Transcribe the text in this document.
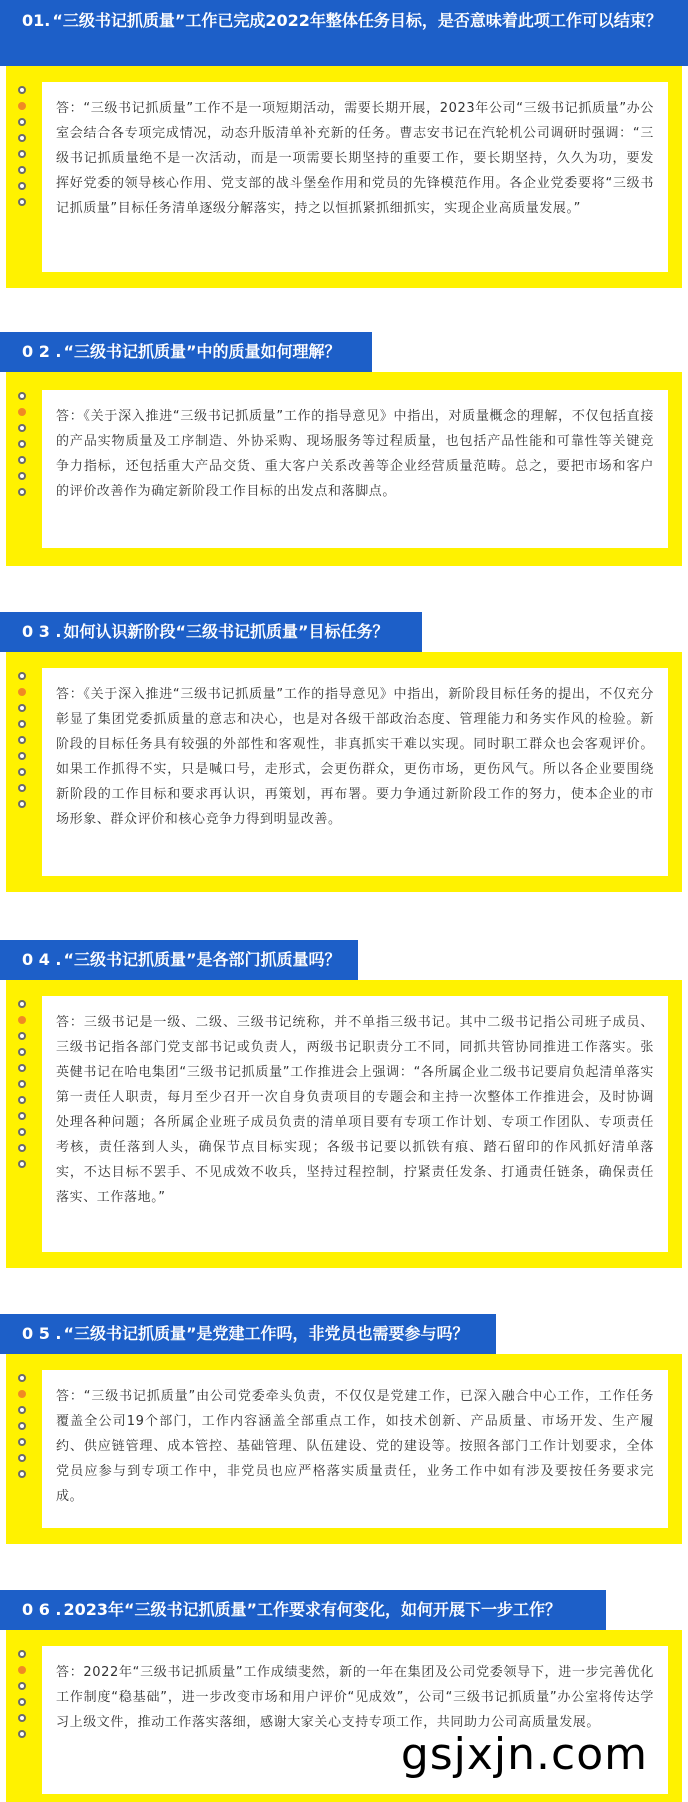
01. “三级书记抓质量”工作已完成2022年整体任务目标，是否意味着此项工作可以结束？
答：“三级书记抓质量”工作不是一项短期活动，需要长期开展，2023年公司“三级书记抓质量”办公室会结合各专项完成情况，动态升版清单补充新的任务。曹志安书记在汽轮机公司调研时强调：“三级书记抓质量绝不是一次活动，而是一项需要长期坚持的重要工作，要长期坚持，久久为功，要发挥好党委的领导核心作用、党支部的战斗堡垒作用和党员的先锋模范作用。各企业党委要将“三级书记抓质量”目标任务清单逐级分解落实，持之以恒抓紧抓细抓实，实现企业高质量发展。”
0 2 . “三级书记抓质量”中的质量如何理解？
答：《关于深入推进“三级书记抓质量”工作的指导意见》中指出，对质量概念的理解，不仅包括直接的产品实物质量及工序制造、外协采购、现场服务等过程质量，也包括产品性能和可靠性等关键竞争力指标，还包括重大产品交货、重大客户关系改善等企业经营质量范畴。总之，要把市场和客户的评价改善作为确定新阶段工作目标的出发点和落脚点。
0 3 . 如何认识新阶段“三级书记抓质量”目标任务？
答：《关于深入推进“三级书记抓质量”工作的指导意见》中指出，新阶段目标任务的提出，不仅充分彰显了集团党委抓质量的意志和决心，也是对各级干部政治态度、管理能力和务实作风的检验。新阶段的目标任务具有较强的外部性和客观性，非真抓实干难以实现。同时职工群众也会客观评价。如果工作抓得不实，只是喊口号，走形式，会更伤群众，更伤市场，更伤风气。所以各企业要围绕新阶段的工作目标和要求再认识，再策划，再布署。要力争通过新阶段工作的努力，使本企业的市场形象、群众评价和核心竞争力得到明显改善。
0 4 . “三级书记抓质量”是各部门抓质量吗？
答：三级书记是一级、二级、三级书记统称，并不单指三级书记。其中二级书记指公司班子成员、三级书记指各部门党支部书记或负责人，两级书记职责分工不同，同抓共管协同推进工作落实。张英健书记在哈电集团“三级书记抓质量”工作推进会上强调：“各所属企业二级书记要肩负起清单落实第一责任人职责，每月至少召开一次自身负责项目的专题会和主持一次整体工作推进会，及时协调处理各种问题；各所属企业班子成员负责的清单项目要有专项工作计划、专项工作团队、专项责任考核，责任落到人头，确保节点目标实现；各级书记要以抓铁有痕、踏石留印的作风抓好清单落实，不达目标不罢手、不见成效不收兵，坚持过程控制，拧紧责任发条、打通责任链条，确保责任落实、工作落地。”
0 5 . “三级书记抓质量”是党建工作吗，非党员也需要参与吗？
答：“三级书记抓质量”由公司党委牵头负责，不仅仅是党建工作，已深入融合中心工作，工作任务覆盖全公司19个部门，工作内容涵盖全部重点工作，如技术创新、产品质量、市场开发、生产履约、供应链管理、成本管控、基础管理、队伍建设、党的建设等。按照各部门工作计划要求，全体党员应参与到专项工作中，非党员也应严格落实质量责任，业务工作中如有涉及要按任务要求完成。
0 6 . 2023年“三级书记抓质量”工作要求有何变化，如何开展下一步工作？
答：2022年“三级书记抓质量”工作成绩斐然，新的一年在集团及公司党委领导下，进一步完善优化工作制度“稳基础”，进一步改变市场和用户评价“见成效”，公司“三级书记抓质量”办公室将传达学习上级文件，推动工作落实落细，感谢大家关心支持专项工作，共同助力公司高质量发展。
gsjxjn.com
